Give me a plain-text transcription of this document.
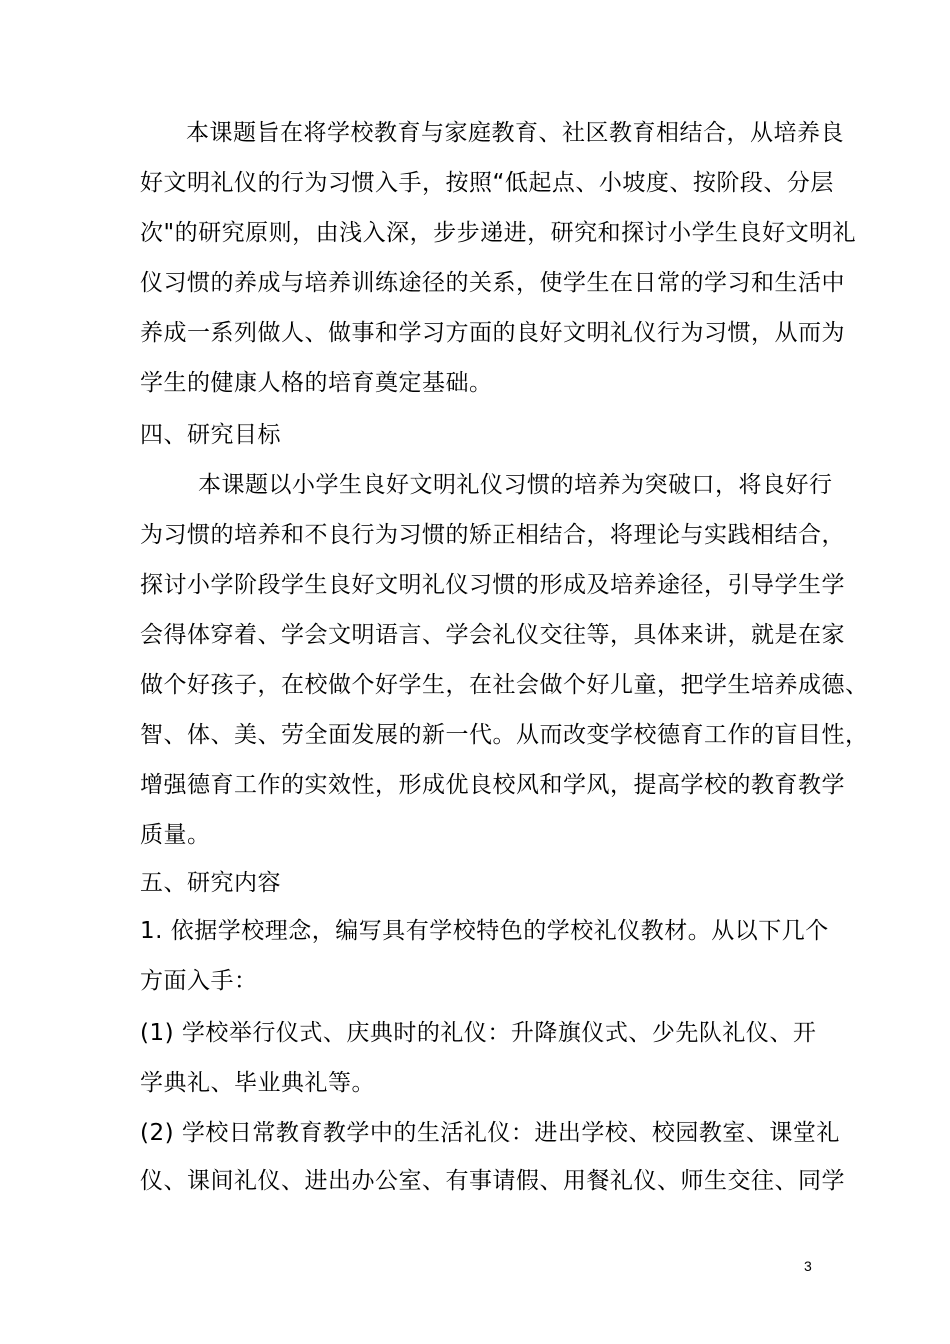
本课题旨在将学校教育与家庭教育、社区教育相结合，从培养良
好文明礼仪的行为习惯入手，按照“低起点、小坡度、按阶段、分层
次"的研究原则，由浅入深，步步递进，研究和探讨小学生良好文明礼
仪习惯的养成与培养训练途径的关系，使学生在日常的学习和生活中
养成一系列做人、做事和学习方面的良好文明礼仪行为习惯，从而为
学生的健康人格的培育奠定基础。
四、研究目标
本课题以小学生良好文明礼仪习惯的培养为突破口，将良好行
为习惯的培养和不良行为习惯的矫正相结合，将理论与实践相结合，
探讨小学阶段学生良好文明礼仪习惯的形成及培养途径，引导学生学
会得体穿着、学会文明语言、学会礼仪交往等，具体来讲，就是在家
做个好孩子，在校做个好学生，在社会做个好儿童，把学生培养成德、
智、体、美、劳全面发展的新一代。从而改变学校德育工作的盲目性，
增强德育工作的实效性，形成优良校风和学风，提高学校的教育教学
质量。
五、研究内容
1. 依据学校理念，编写具有学校特色的学校礼仪教材。从以下几个
方面入手：
(1) 学校举行仪式、庆典时的礼仪：升降旗仪式、少先队礼仪、开
学典礼、毕业典礼等。
(2) 学校日常教育教学中的生活礼仪：进出学校、校园教室、课堂礼
仪、课间礼仪、进出办公室、有事请假、用餐礼仪、师生交往、同学
3
